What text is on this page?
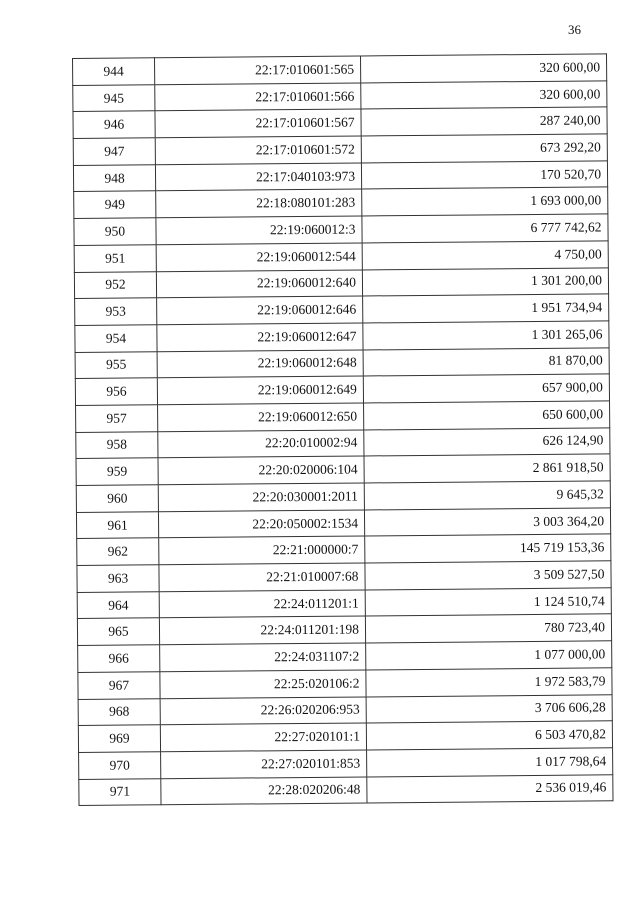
36
944	22:17:010601:565	320 600,00
945	22:17:010601:566	320 600,00
946	22:17:010601:567	287 240,00
947	22:17:010601:572	673 292,20
948	22:17:040103:973	170 520,70
949	22:18:080101:283	1 693 000,00
950	22:19:060012:3	6 777 742,62
951	22:19:060012:544	4 750,00
952	22:19:060012:640	1 301 200,00
953	22:19:060012:646	1 951 734,94
954	22:19:060012:647	1 301 265,06
955	22:19:060012:648	81 870,00
956	22:19:060012:649	657 900,00
957	22:19:060012:650	650 600,00
958	22:20:010002:94	626 124,90
959	22:20:020006:104	2 861 918,50
960	22:20:030001:2011	9 645,32
961	22:20:050002:1534	3 003 364,20
962	22:21:000000:7	145 719 153,36
963	22:21:010007:68	3 509 527,50
964	22:24:011201:1	1 124 510,74
965	22:24:011201:198	780 723,40
966	22:24:031107:2	1 077 000,00
967	22:25:020106:2	1 972 583,79
968	22:26:020206:953	3 706 606,28
969	22:27:020101:1	6 503 470,82
970	22:27:020101:853	1 017 798,64
971	22:28:020206:48	2 536 019,46
